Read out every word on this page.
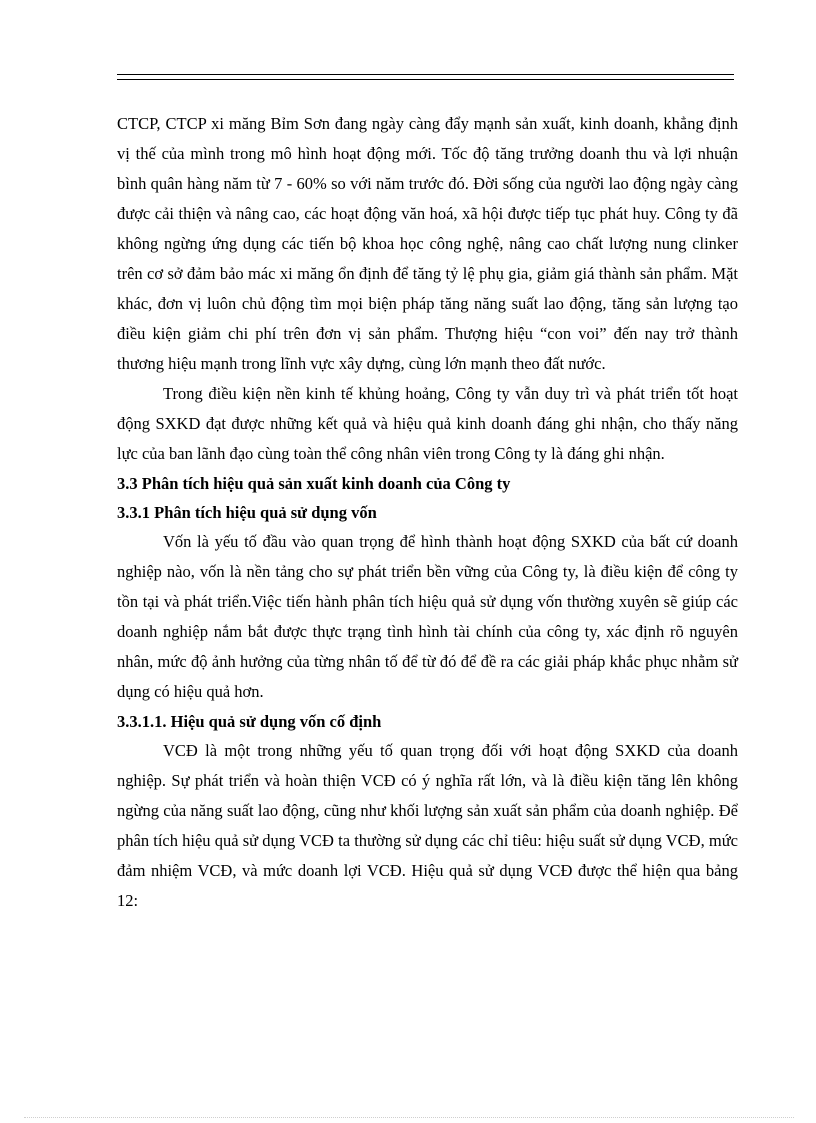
CTCP, CTCP xi măng Bỉm Sơn đang ngày càng đẩy mạnh sản xuất, kinh doanh, khẳng định vị thế của mình trong mô hình hoạt động mới. Tốc độ tăng trưởng doanh thu và lợi nhuận bình quân hàng năm từ 7 - 60% so với năm trước đó. Đời sống của người lao động ngày càng được cải thiện và nâng cao, các hoạt động văn hoá, xã hội được tiếp tục phát huy. Công ty đã không ngừng ứng dụng các tiến bộ khoa học công nghệ, nâng cao chất lượng nung clinker trên cơ sở đảm bảo mác xi măng ổn định để tăng tỷ lệ phụ gia, giảm giá thành sản phẩm. Mặt khác, đơn vị luôn chủ động tìm mọi biện pháp tăng năng suất lao động, tăng sản lượng tạo điều kiện giảm chi phí trên đơn vị sản phẩm. Thượng hiệu “con voi” đến nay trở thành thương hiệu mạnh trong lĩnh vực xây dựng, cùng lớn mạnh theo đất nước.

Trong điều kiện nền kinh tế khủng hoảng, Công ty vẫn duy trì và phát triển tốt hoạt động SXKD đạt được những kết quả và hiệu quả kinh doanh đáng ghi nhận, cho thấy năng lực của ban lãnh đạo cùng toàn thể công nhân viên trong Công ty là đáng ghi nhận.

3.3 Phân tích hiệu quả sản xuất kinh doanh của Công ty
3.3.1 Phân tích hiệu quả sử dụng vốn

Vốn là yếu tố đầu vào quan trọng để hình thành hoạt động SXKD của bất cứ doanh nghiệp nào, vốn là nền tảng cho sự phát triển bền vững của Công ty, là điều kiện để công ty tồn tại và phát triển.Việc tiến hành phân tích hiệu quả sử dụng vốn thường xuyên sẽ giúp các doanh nghiệp nắm bắt được thực trạng tình hình tài chính của công ty, xác định rõ nguyên nhân, mức độ ảnh hưởng của từng nhân tố để từ đó để đề ra các giải pháp khắc phục nhằm sử dụng có hiệu quả hơn.

3.3.1.1. Hiệu quả sử dụng vốn cố định

VCĐ là một trong những yếu tố quan trọng đối với hoạt động SXKD của doanh nghiệp. Sự phát triển và hoàn thiện VCĐ có ý nghĩa rất lớn, và là điều kiện tăng lên không ngừng của năng suất lao động, cũng như khối lượng sản xuất sản phẩm của doanh nghiệp. Để phân tích hiệu quả sử dụng VCĐ ta thường sử dụng các chỉ tiêu: hiệu suất sử dụng VCĐ, mức đảm nhiệm VCĐ, và mức doanh lợi VCĐ. Hiệu quả sử dụng VCĐ được thể hiện qua bảng 12:
